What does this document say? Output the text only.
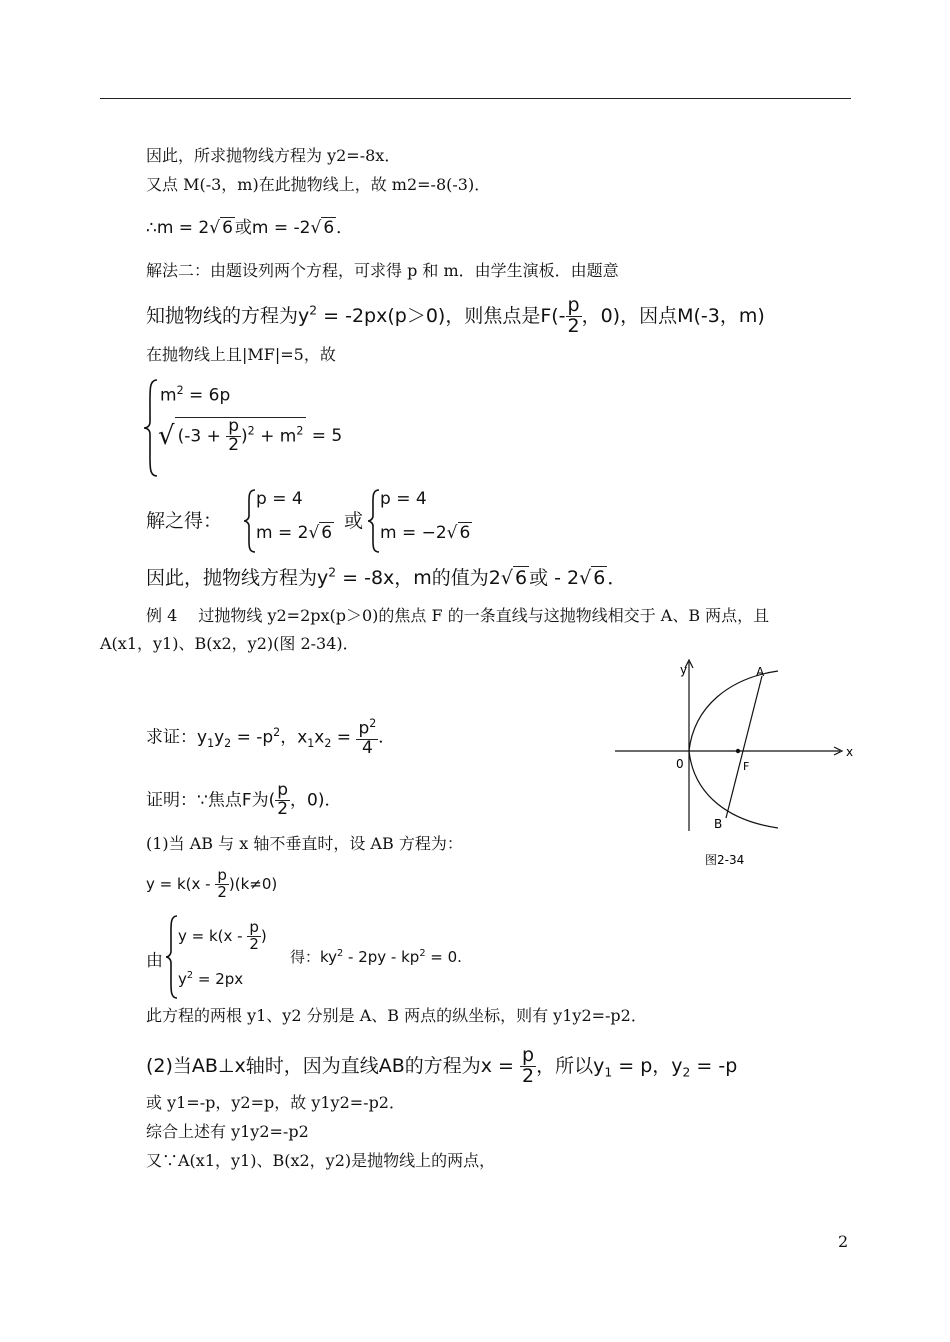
因此，所求抛物线方程为 y2=-8x．
又点 M(-3，m)在此抛物线上，故 m2=-8(-3)．
∴m = 2√ 6 或m = -2√ 6 ．
解法二：由题设列两个方程，可求得 p 和 m．由学生演板．由题意
知抛物线的方程为$y^2 = -2px(p>0)$，则焦点是$F(- \frac{p}{2}$ ，0)，因点M(-3，m)
在抛物线上且|MF|=5，故
$m^2 = 6p$
√ $(-3 + \frac{p}{2} )^2 + m^2 = 5$
解之得：
p = 4
m = 2√ 6
或
p = 4
m = −2√ 6
因此，抛物线方程为$y^2 = -8x$，m的值为2√ 6 或 - 2√ 6 ．
例 4　 过抛物线 y2=2px(p＞0)的焦点 F 的一条直线与这抛物线相交于 A、B 两点，且
A(x1，y1)、B(x2，y2)(图 2-34)．
求证：$y_1y_2 = -p^2$，$x_1x_2 = \frac{p^2}{4}$ ．
证明：∵焦点F为( $\frac{p}{2}$ ，0)．
(1)当 AB 与 x 轴不垂直时，设 AB 方程为：
$y = k(x - \frac{p}{2} )(k\ne 0)$
由
$y = k(x - \frac{p}{2}$ )
$y^2 = 2px$
得：$ky^2 - 2py - kp^2 = 0$.
此方程的两根 y1、y2 分别是 A、B 两点的纵坐标，则有 y1y2=-p2．
(2)当AB⊥x轴时，因为直线AB的方程为$x = \frac{p}{2}$ ，所以$y_1 = p$，$y_2 = -p$
或 y1=-p，y2=p，故 y1y2=-p2．
综合上述有 y1y2=-p2
又∵A(x1，y1)、B(x2，y2)是抛物线上的两点，
y
x
0
A
B
F
图2-34
2
